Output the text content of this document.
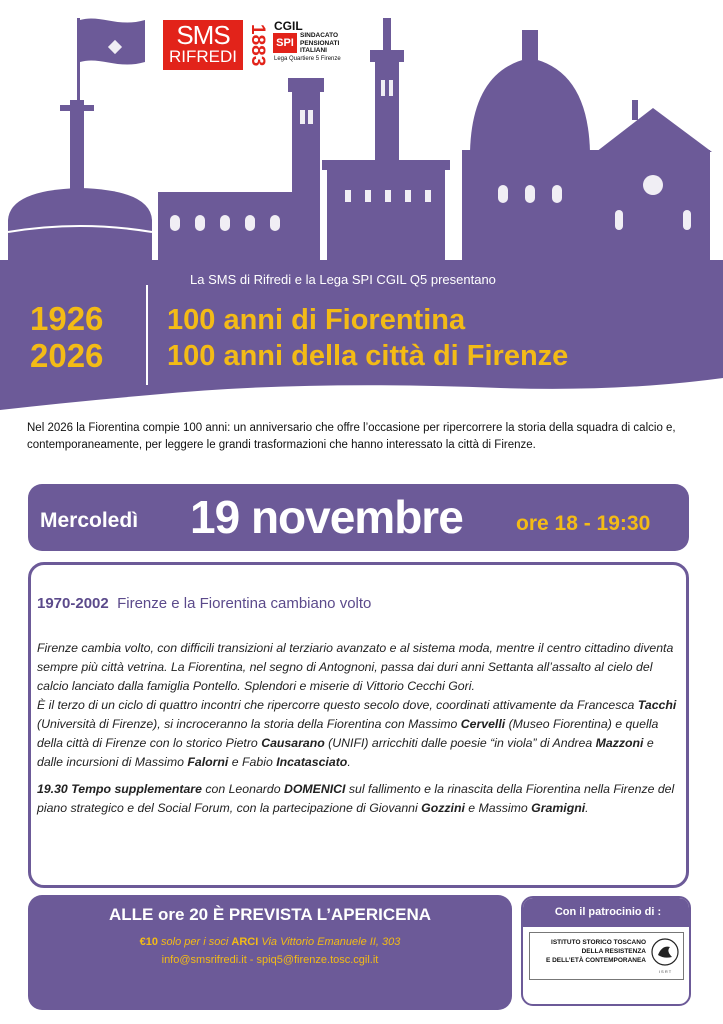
SMS
RIFREDI 1883 CGIL
SPI
SINDACATO
PENSIONATI
ITALIANI
Lega Quartiere 5 Firenze
La SMS di Rifredi e la Lega SPI CGIL Q5 presentano
1926
2026
100 anni di Fiorentina
100 anni della città di Firenze
Nel 2026 la Fiorentina compie 100 anni: un anniversario che offre l’occasione per ripercorrere la storia della squadra di calcio e, contemporaneamente, per leggere le grandi trasformazioni che hanno interessato la città di Firenze.
Mercoledì 19 novembre	ore 18 - 19:30
1970-2002 Firenze e la Fiorentina cambiano volto

Firenze cambia volto, con difficili transizioni al terziario avanzato e al sistema moda, mentre il centro cittadino diventa sempre più città vetrina. La Fiorentina, nel segno di Antognoni, passa dai duri anni Settanta all’assalto al cielo del calcio lanciato dalla famiglia Pontello. Splendori e miserie di Vittorio Cecchi Gori.

È il terzo di un ciclo di quattro incontri che ripercorre questo secolo dove, coordinati attivamente da Francesca Tacchi (Università di Firenze), si incroceranno la storia della Fiorentina con Massimo Cervelli (Museo Fiorentina) e quella della città di Firenze con lo storico Pietro Causarano (UNIFI) arricchiti dalle poesie “in viola” di Andrea Mazzoni e dalle incursioni di Massimo Falorni e Fabio Incatasciato.

19.30 Tempo supplementare con Leonardo DOMENICI sul fallimento e la rinascita della Fiorentina nella Firenze del piano strategico e del Social Forum, con la partecipazione di Giovanni Gozzini e Massimo Gramigni.

ALLE ore 20 È PREVISTA L’APERICENA
€10 solo per i soci ARCI Via Vittorio Emanuele II, 303
info@smsrifredi.it - spiq5@firenze.tosc.cgil.it
Con il patrocinio di :
ISTITUTO STORICO TOSCANO
DELLA RESISTENZA
E DELL’ETÀ CONTEMPORANEA
I S R T
